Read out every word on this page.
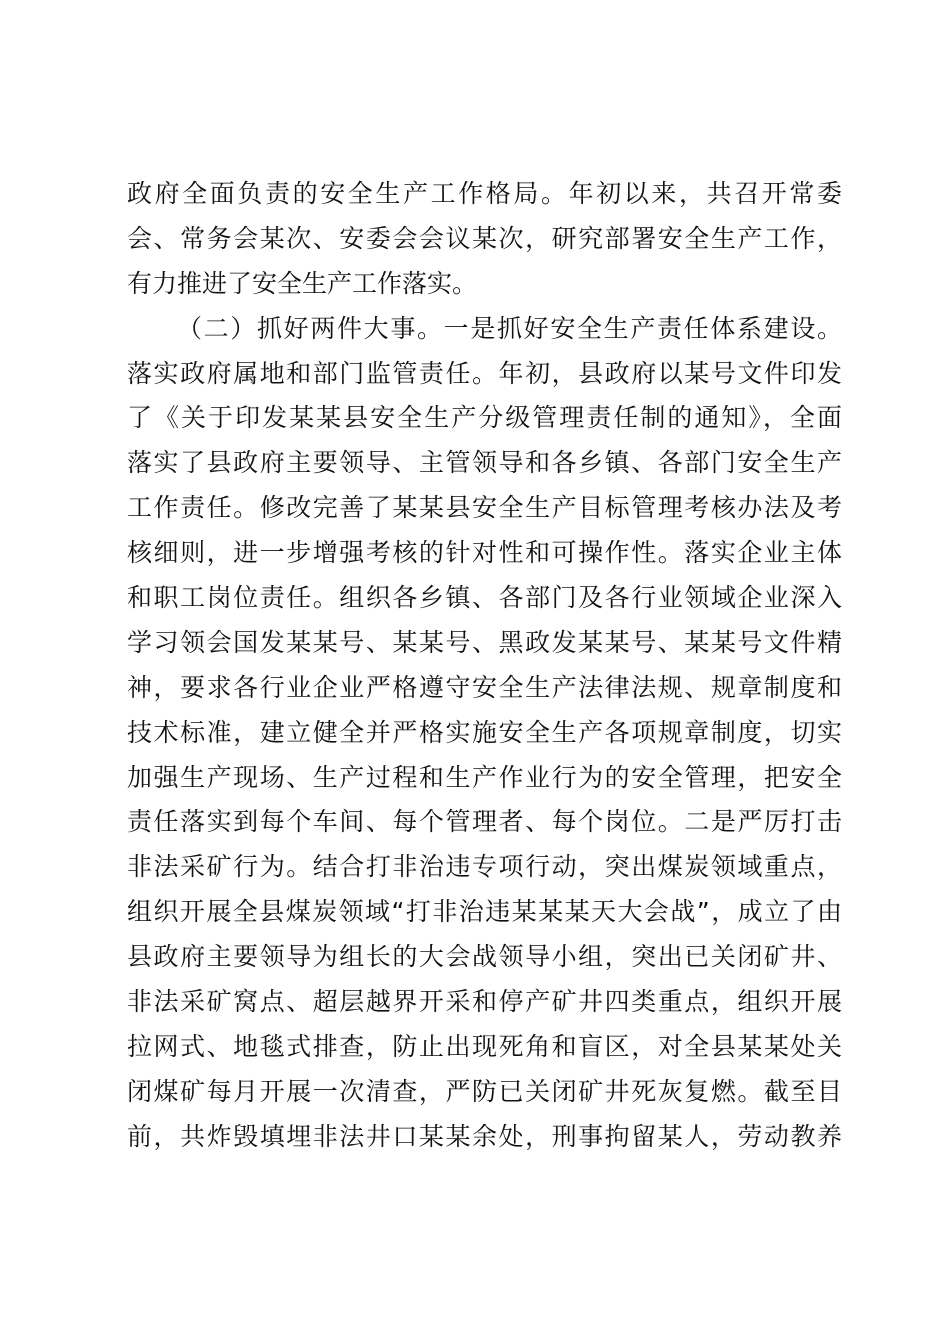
政府全面负责的安全生产工作格局。年初以来，共召开常委
会、常务会某次、安委会会议某次，研究部署安全生产工作，
有力推进了安全生产工作落实。
（二）抓好两件大事。一是抓好安全生产责任体系建设。
落实政府属地和部门监管责任。年初，县政府以某号文件印发
了《关于印发某某县安全生产分级管理责任制的通知》，全面
落实了县政府主要领导、主管领导和各乡镇、各部门安全生产
工作责任。修改完善了某某县安全生产目标管理考核办法及考
核细则，进一步增强考核的针对性和可操作性。落实企业主体
和职工岗位责任。组织各乡镇、各部门及各行业领域企业深入
学习领会国发某某号、某某号、黑政发某某号、某某号文件精
神，要求各行业企业严格遵守安全生产法律法规、规章制度和
技术标准，建立健全并严格实施安全生产各项规章制度，切实
加强生产现场、生产过程和生产作业行为的安全管理，把安全
责任落实到每个车间、每个管理者、每个岗位。二是严厉打击
非法采矿行为。结合打非治违专项行动，突出煤炭领域重点，
组织开展全县煤炭领域“打非治违某某某天大会战”，成立了由
县政府主要领导为组长的大会战领导小组，突出已关闭矿井、
非法采矿窝点、超层越界开采和停产矿井四类重点，组织开展
拉网式、地毯式排查，防止出现死角和盲区，对全县某某处关
闭煤矿每月开展一次清查，严防已关闭矿井死灰复燃。截至目
前，共炸毁填埋非法井口某某余处，刑事拘留某人，劳动教养
